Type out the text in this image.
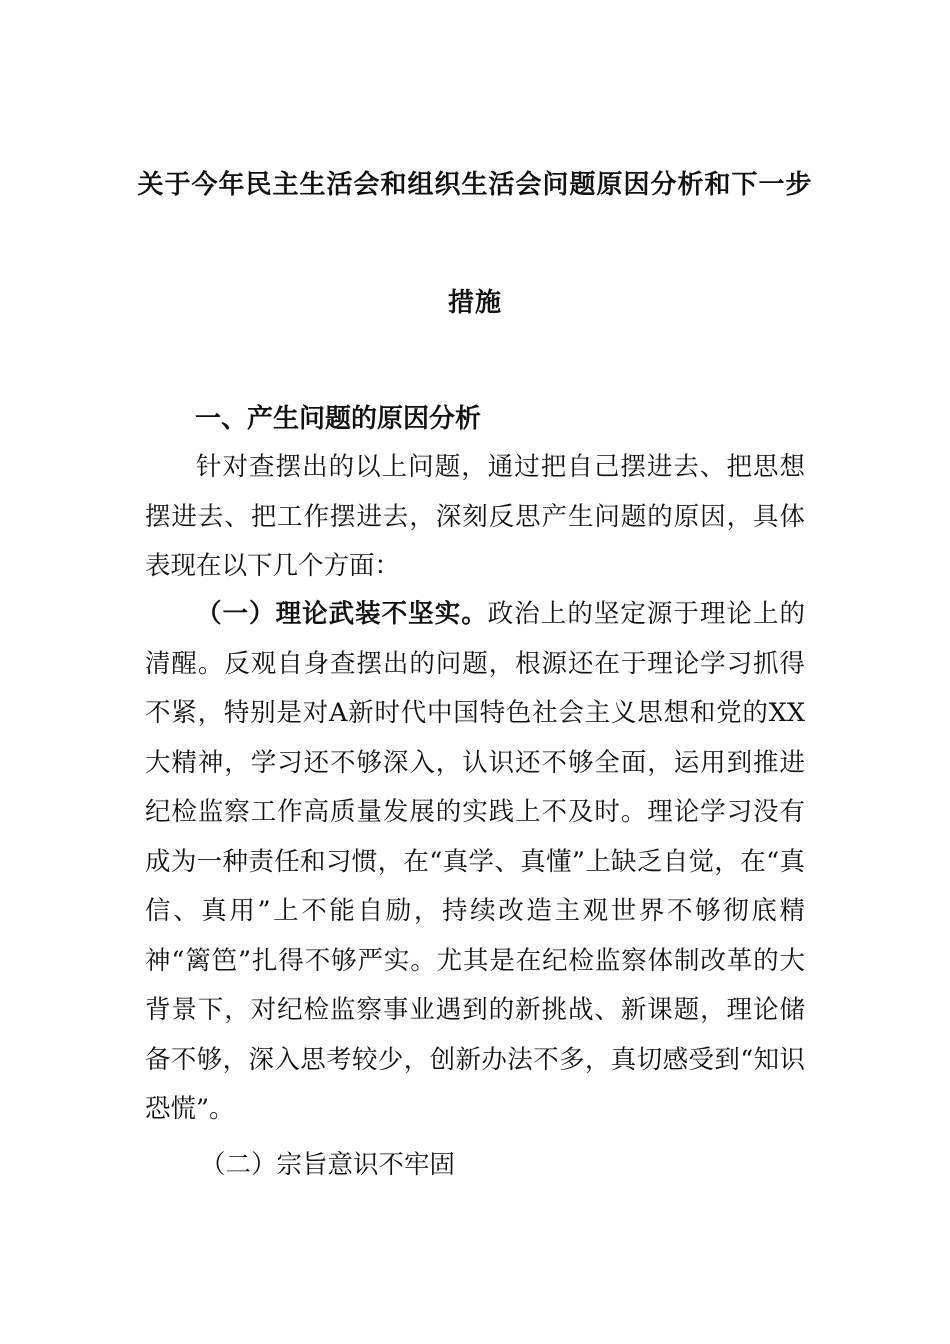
关于今年民主生活会和组织生活会问题原因分析和下一步
措施
一、产生问题的原因分析

针对查摆出的以上问题，通过把自己摆进去、把思想摆进去、把工作摆进去，深刻反思产生问题的原因，具体表现在以下几个方面：

（一）理论武装不坚实。政治上的坚定源于理论上的清醒。反观自身查摆出的问题，根源还在于理论学习抓得不紧，特别是对A新时代中国特色社会主义思想和党的XX大精神，学习还不够深入，认识还不够全面，运用到推进纪检监察工作高质量发展的实践上不及时。理论学习没有成为一种责任和习惯，在“真学、真懂”上缺乏自觉，在“真信、真用”上不能自励，持续改造主观世界不够彻底精神“篱笆”扎得不够严实。尤其是在纪检监察体制改革的大背景下，对纪检监察事业遇到的新挑战、新课题，理论储备不够，深入思考较少，创新办法不多，真切感受到“知识恐慌”。

（二）宗旨意识不牢固
